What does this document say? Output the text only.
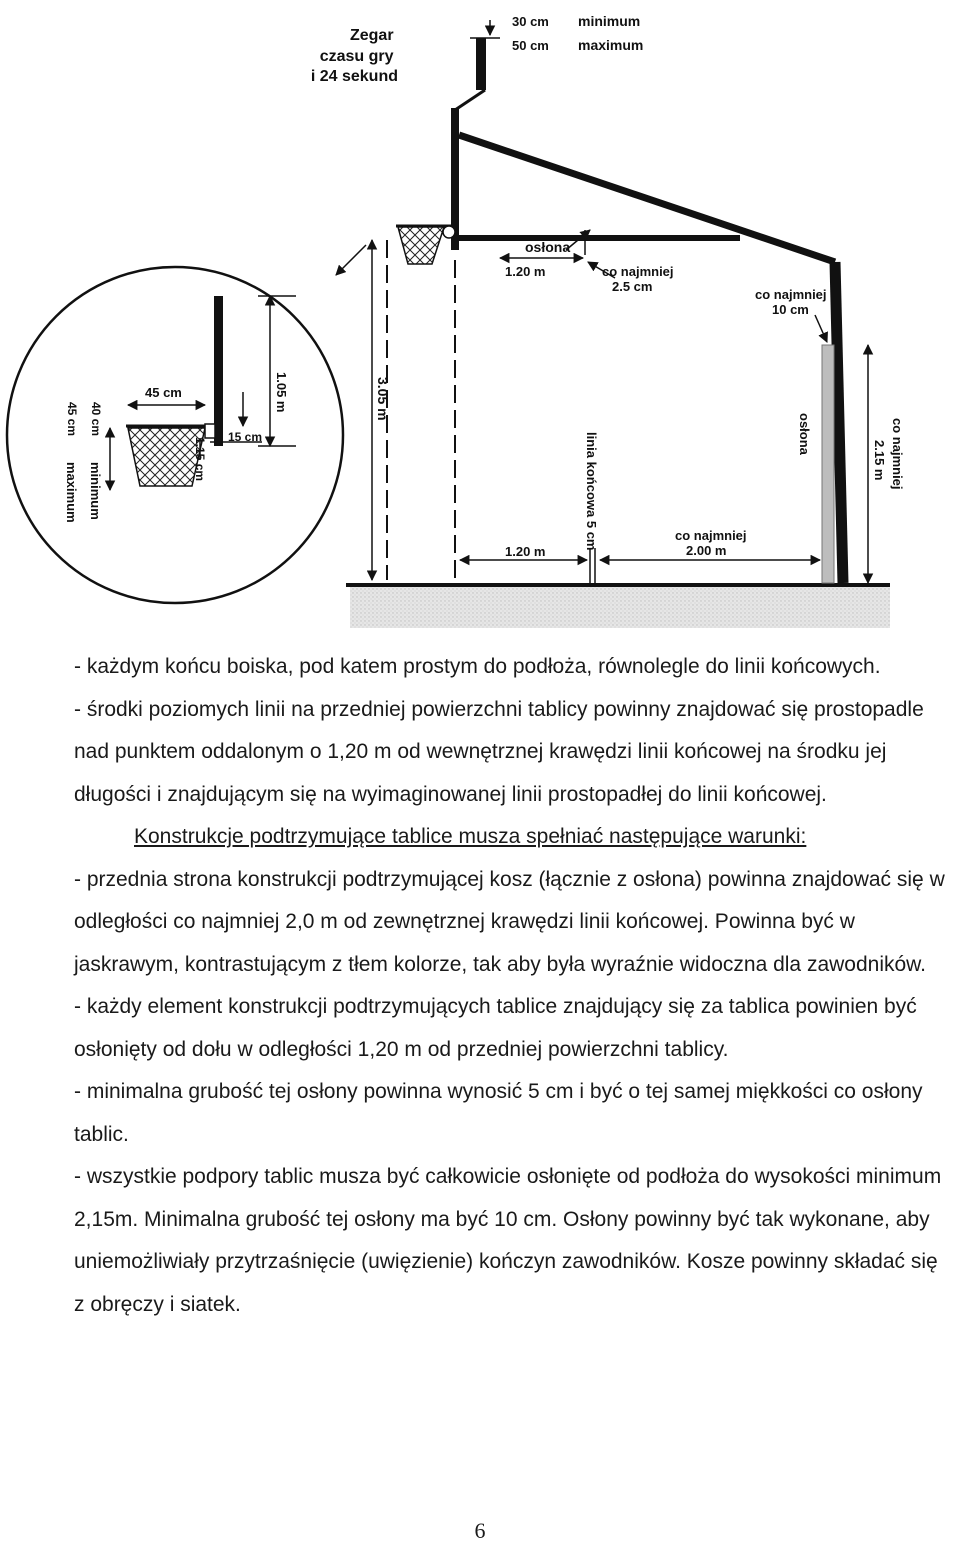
Zegar czasu gry i 24 sekund
30 cm
50 cm
minimum
maximum
osłona
1.20 m	co najmniej 2.5 cm
co najmniej 10 cm
3.05 m
linia końcowa 5 cm
1.20 m
co najmniej 2.00 m
osłona	co najmniej
2.15 m
45 cm	1.05 m
15 cm
1.15 cm
40 cm
minimum
45 cm
maximum

- każdym końcu boiska, pod katem prostym do podłoża, równolegle do linii końcowych.

- środki poziomych linii na przedniej powierzchni tablicy powinny znajdować się prostopadle nad punktem oddalonym o 1,20 m od wewnętrznej krawędzi linii końcowej na środku jej długości i znajdującym się na wyimaginowanej linii prostopadłej do linii końcowej.

Konstrukcje podtrzymujące tablice musza spełniać następujące warunki:

- przednia strona konstrukcji podtrzymującej kosz (łącznie z osłona) powinna znajdować się w odległości co najmniej 2,0 m od zewnętrznej krawędzi linii końcowej. Powinna być w jaskrawym, kontrastującym z tłem kolorze, tak aby była wyraźnie widoczna dla zawodników.

- każdy element konstrukcji podtrzymujących tablice znajdujący się za tablica powinien być osłonięty od dołu w odległości 1,20 m od przedniej powierzchni tablicy.

- minimalna grubość tej osłony powinna wynosić 5 cm i być o tej samej miękkości co osłony tablic.

- wszystkie podpory tablic musza być całkowicie osłonięte od podłoża do wysokości minimum 2,15m. Minimalna grubość tej osłony ma być 10 cm. Osłony powinny być tak wykonane, aby uniemożliwiały przytrzaśnięcie (uwięzienie) kończyn zawodników. Kosze powinny składać się z obręczy i siatek.

6
